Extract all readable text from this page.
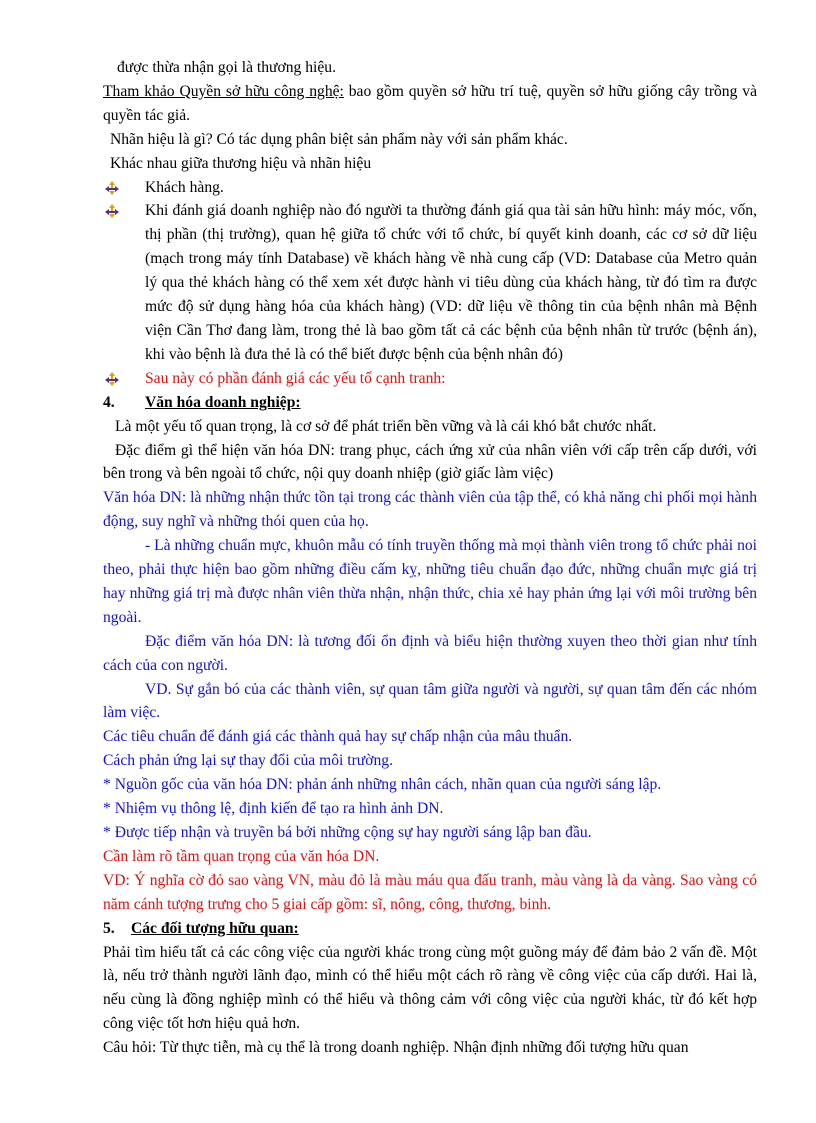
được thừa nhận gọi là thương hiệu.

Tham khảo Quyền sở hữu công nghệ: bao gồm quyền sở hữu trí tuệ, quyền sở hữu giống cây trồng và quyền tác giả.

Nhãn hiệu là gì? Có tác dụng phân biệt sản phẩm này với sản phẩm khác.

Khác nhau giữa thương hiệu và nhãn hiệu

Khách hàng.
Khi đánh giá doanh nghiệp nào đó người ta thường đánh giá qua tài sản hữu hình: máy móc, vốn, thị phần (thị trường), quan hệ giữa tổ chức với tổ chức, bí quyết kinh doanh, các cơ sở dữ liệu (mạch trong máy tính Database) về khách hàng về nhà cung cấp (VD: Database của Metro quản lý qua thẻ khách hàng có thể xem xét được hành vi tiêu dùng của khách hàng, từ đó tìm ra được mức độ sử dụng hàng hóa của khách hàng) (VD: dữ liệu về thông tin của bệnh nhân mà Bệnh viện Cần Thơ đang làm, trong thẻ là bao gồm tất cả các bệnh của bệnh nhân từ trước (bệnh án), khi vào bệnh là đưa thẻ là có thể biết được bệnh của bệnh nhân đó)
Sau này có phần đánh giá các yếu tố cạnh tranh:
4. Văn hóa doanh nghiệp:

Là một yếu tố quan trọng, là cơ sở để phát triển bền vững và là cái khó bắt chước nhất.

Đặc điểm gì thể hiện văn hóa DN: trang phục, cách ứng xử của nhân viên với cấp trên cấp dưới, với bên trong và bên ngoài tổ chức, nội quy doanh nhiệp (giờ giấc làm việc)

Văn hóa DN: là những nhận thức tồn tại trong các thành viên của tập thể, có khả năng chi phối mọi hành động, suy nghĩ và những thói quen của họ.

- Là những chuẩn mực, khuôn mẫu có tính truyền thống mà mọi thành viên trong tổ chức phải noi theo, phải thực hiện bao gồm những điều cấm kỵ, những tiêu chuẩn đạo đức, những chuẩn mực giá trị hay những giá trị mà được nhân viên thừa nhận, nhận thức, chia xẻ hay phản ứng lại với môi trường bên ngoài.

Đặc điểm văn hóa DN: là tương đối ổn định và biểu hiện thường xuyen theo thời gian như tính cách của con người.

VD. Sự gắn bó của các thành viên, sự quan tâm giữa người và người, sự quan tâm đến các nhóm làm việc.

Các tiêu chuẩn để đánh giá các thành quả hay sự chấp nhận của mâu thuẩn.

Cách phản ứng lại sự thay đổi của môi trường.

* Nguồn gốc của văn hóa DN: phản ánh những nhân cách, nhãn quan của người sáng lập.

* Nhiệm vụ thông lệ, định kiến để tạo ra hình ảnh DN.

* Được tiếp nhận và truyền bá bởi những cộng sự hay người sáng lập ban đầu.

Cần làm rõ tầm quan trọng của văn hóa DN.

VD: Ý nghĩa cờ đỏ sao vàng VN, màu đỏ là màu máu qua đấu tranh, màu vàng là da vàng. Sao vàng có năm cánh tượng trưng cho 5 giai cấp gồm: sĩ, nông, công, thương, binh.

5. Các đối tượng hữu quan:

Phải tìm hiểu tất cả các công việc của người khác trong cùng một guồng máy để đảm bảo 2 vấn đề. Một là, nếu trở thành người lãnh đạo, mình có thể hiểu một cách rõ ràng về công việc của cấp dưới. Hai là, nếu cùng là đồng nghiệp mình có thể hiểu và thông cảm với công việc của người khác, từ đó kết hợp công việc tốt hơn hiệu quả hơn.

Câu hỏi: Từ thực tiễn, mà cụ thể là trong doanh nghiệp. Nhận định những đối tượng hữu quan
